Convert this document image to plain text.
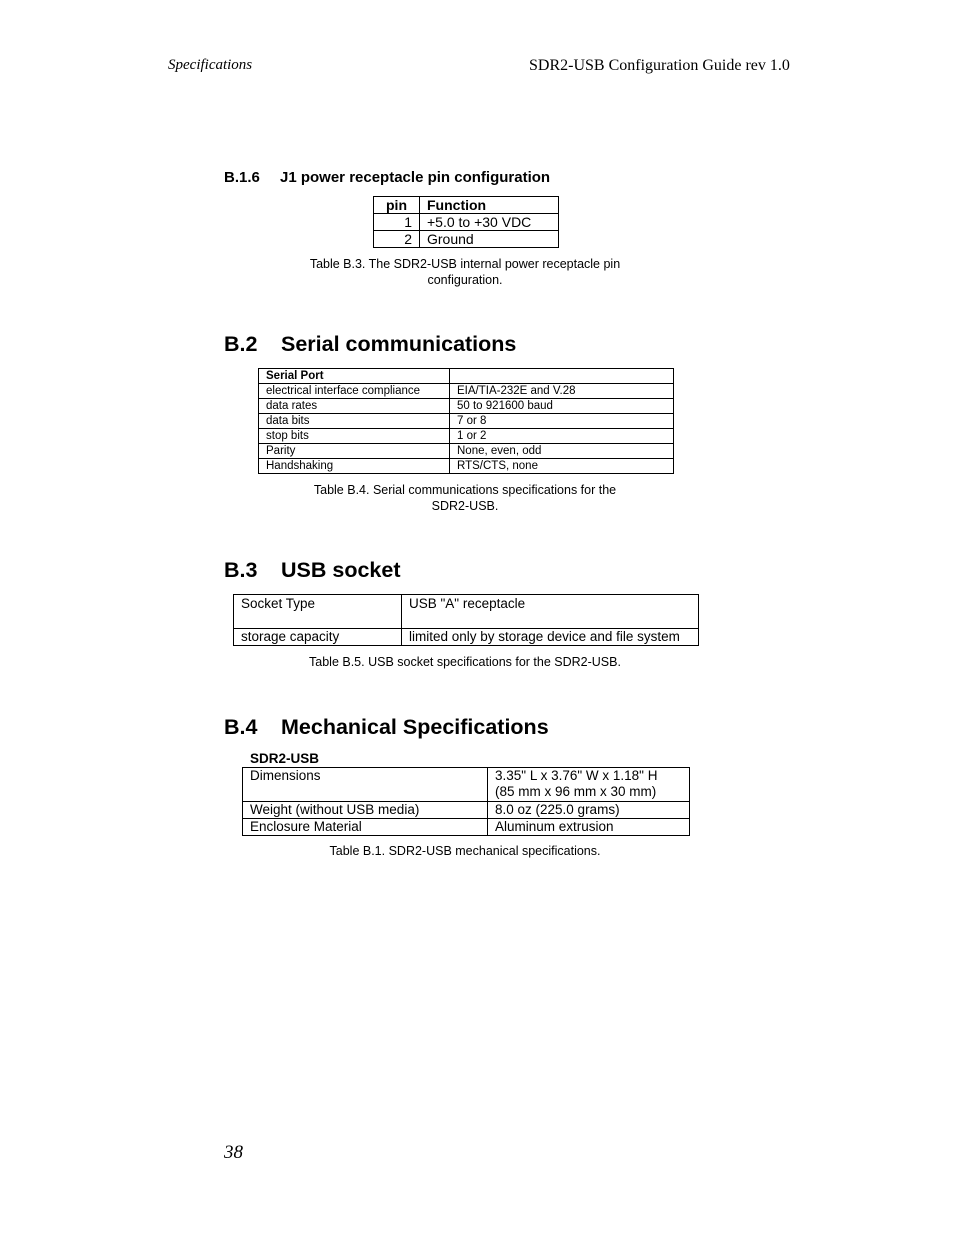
Specifications	SDR2-USB Configuration Guide rev 1.0
B.1.6 J1 power receptacle pin configuration
pin	Function
1	+5.0 to +30 VDC
2	Ground
Table B.3. The SDR2-USB internal power receptacle pin
configuration.
B.2 Serial communications
Serial Port	
electrical interface compliance	EIA/TIA-232E and V.28
data rates	50 to 921600 baud
data bits	7 or 8
stop bits	1 or 2
Parity	None, even, odd
Handshaking	RTS/CTS, none
Table B.4. Serial communications specifications for the
SDR2-USB.
B.3 USB socket
Socket Type	USB "A" receptacle
storage capacity	limited only by storage device and file system
Table B.5. USB socket specifications for the SDR2-USB.
B.4 Mechanical Specifications
SDR2-USB
Dimensions	3.35" L x 3.76" W x 1.18" H
(85 mm x 96 mm x 30 mm)

Weight (without USB media)	8.0 oz (225.0 grams)
Enclosure Material	Aluminum extrusion
Table B.1. SDR2-USB mechanical specifications.
38
